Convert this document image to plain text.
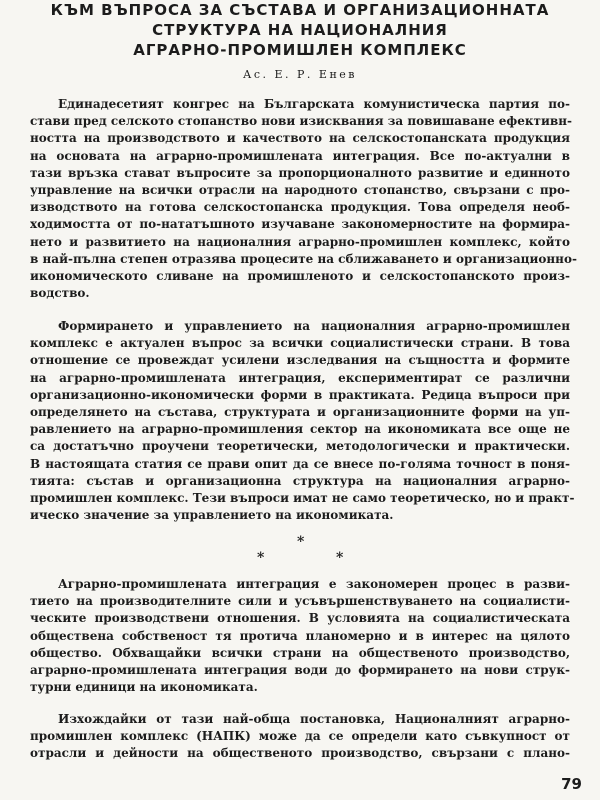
КЪМ ВЪПРОСА ЗА СЪСТАВА И ОРГАНИЗАЦИОННАТА
СТРУКТУРА НА НАЦИОНАЛНИЯ
АГРАРНО-ПРОМИШЛЕН КОМПЛЕКС
Ас. Е. Р. Енев
Единадесетият конгрес на Българската комунистическа партия по-
стави пред селското стопанство нови изисквания за повишаване ефективн-
ността на производството и качеството на селскостопанската продукция
на основата на аграрно-промишлената интеграция. Все по-актуални в
тази връзка стават въпросите за пропорционалното развитие и единното
управление на всички отрасли на народното стопанство, свързани с про-
изводството на готова селскостопанска продукция. Това определя необ-
ходимостта от по-нататъшното изучаване закономерностите на формира-
нето и развитието на националния аграрно-промишлен комплекс, който
в най-пълна степен отразява процесите на сближаването и организационно-
икономическото сливане на промишленото и селскостопанското произ-
водство.
Формирането и управлението на националния аграрно-промишлен
комплекс е актуален въпрос за всички социалистически страни. В това
отношение се провеждат усилени изследвания на същността и формите
на аграрно-промишлената интеграция, експериментират се различни
организационно-икономически форми в практиката. Редица въпроси при
определянето на състава, структурата и организационните форми на уп-
равлението на аграрно-промишления сектор на икономиката все още не
са достатъчно проучени теоретически, методологически и практически.
В настоящата статия се прави опит да се внесе по-голяма точност в поня-
тията: състав и организационна структура на националния аграрно-
промишлен комплекс. Тези въпроси имат не само теоретическо, но и практ-
ическо значение за управлението на икономиката.
*
*	*
Аграрно-промишлената интеграция е закономерен процес в разви-
тието на производителните сили и усъвършенствуването на социалисти-
ческите производствени отношения. В условията на социалистическата
обществена собственост тя протича планомерно и в интерес на цялото
общество. Обхващайки всички страни на общественото производство,
аграрно-промишлената интеграция води до формирането на нови струк-
турни единици на икономиката.
Изхождайки от тази най-обща постановка, Националният аграрно-
промишлен комплекс (НАПК) може да се определи като съвкупност от
отрасли и дейности на общественото производство, свързани с плано-
79
